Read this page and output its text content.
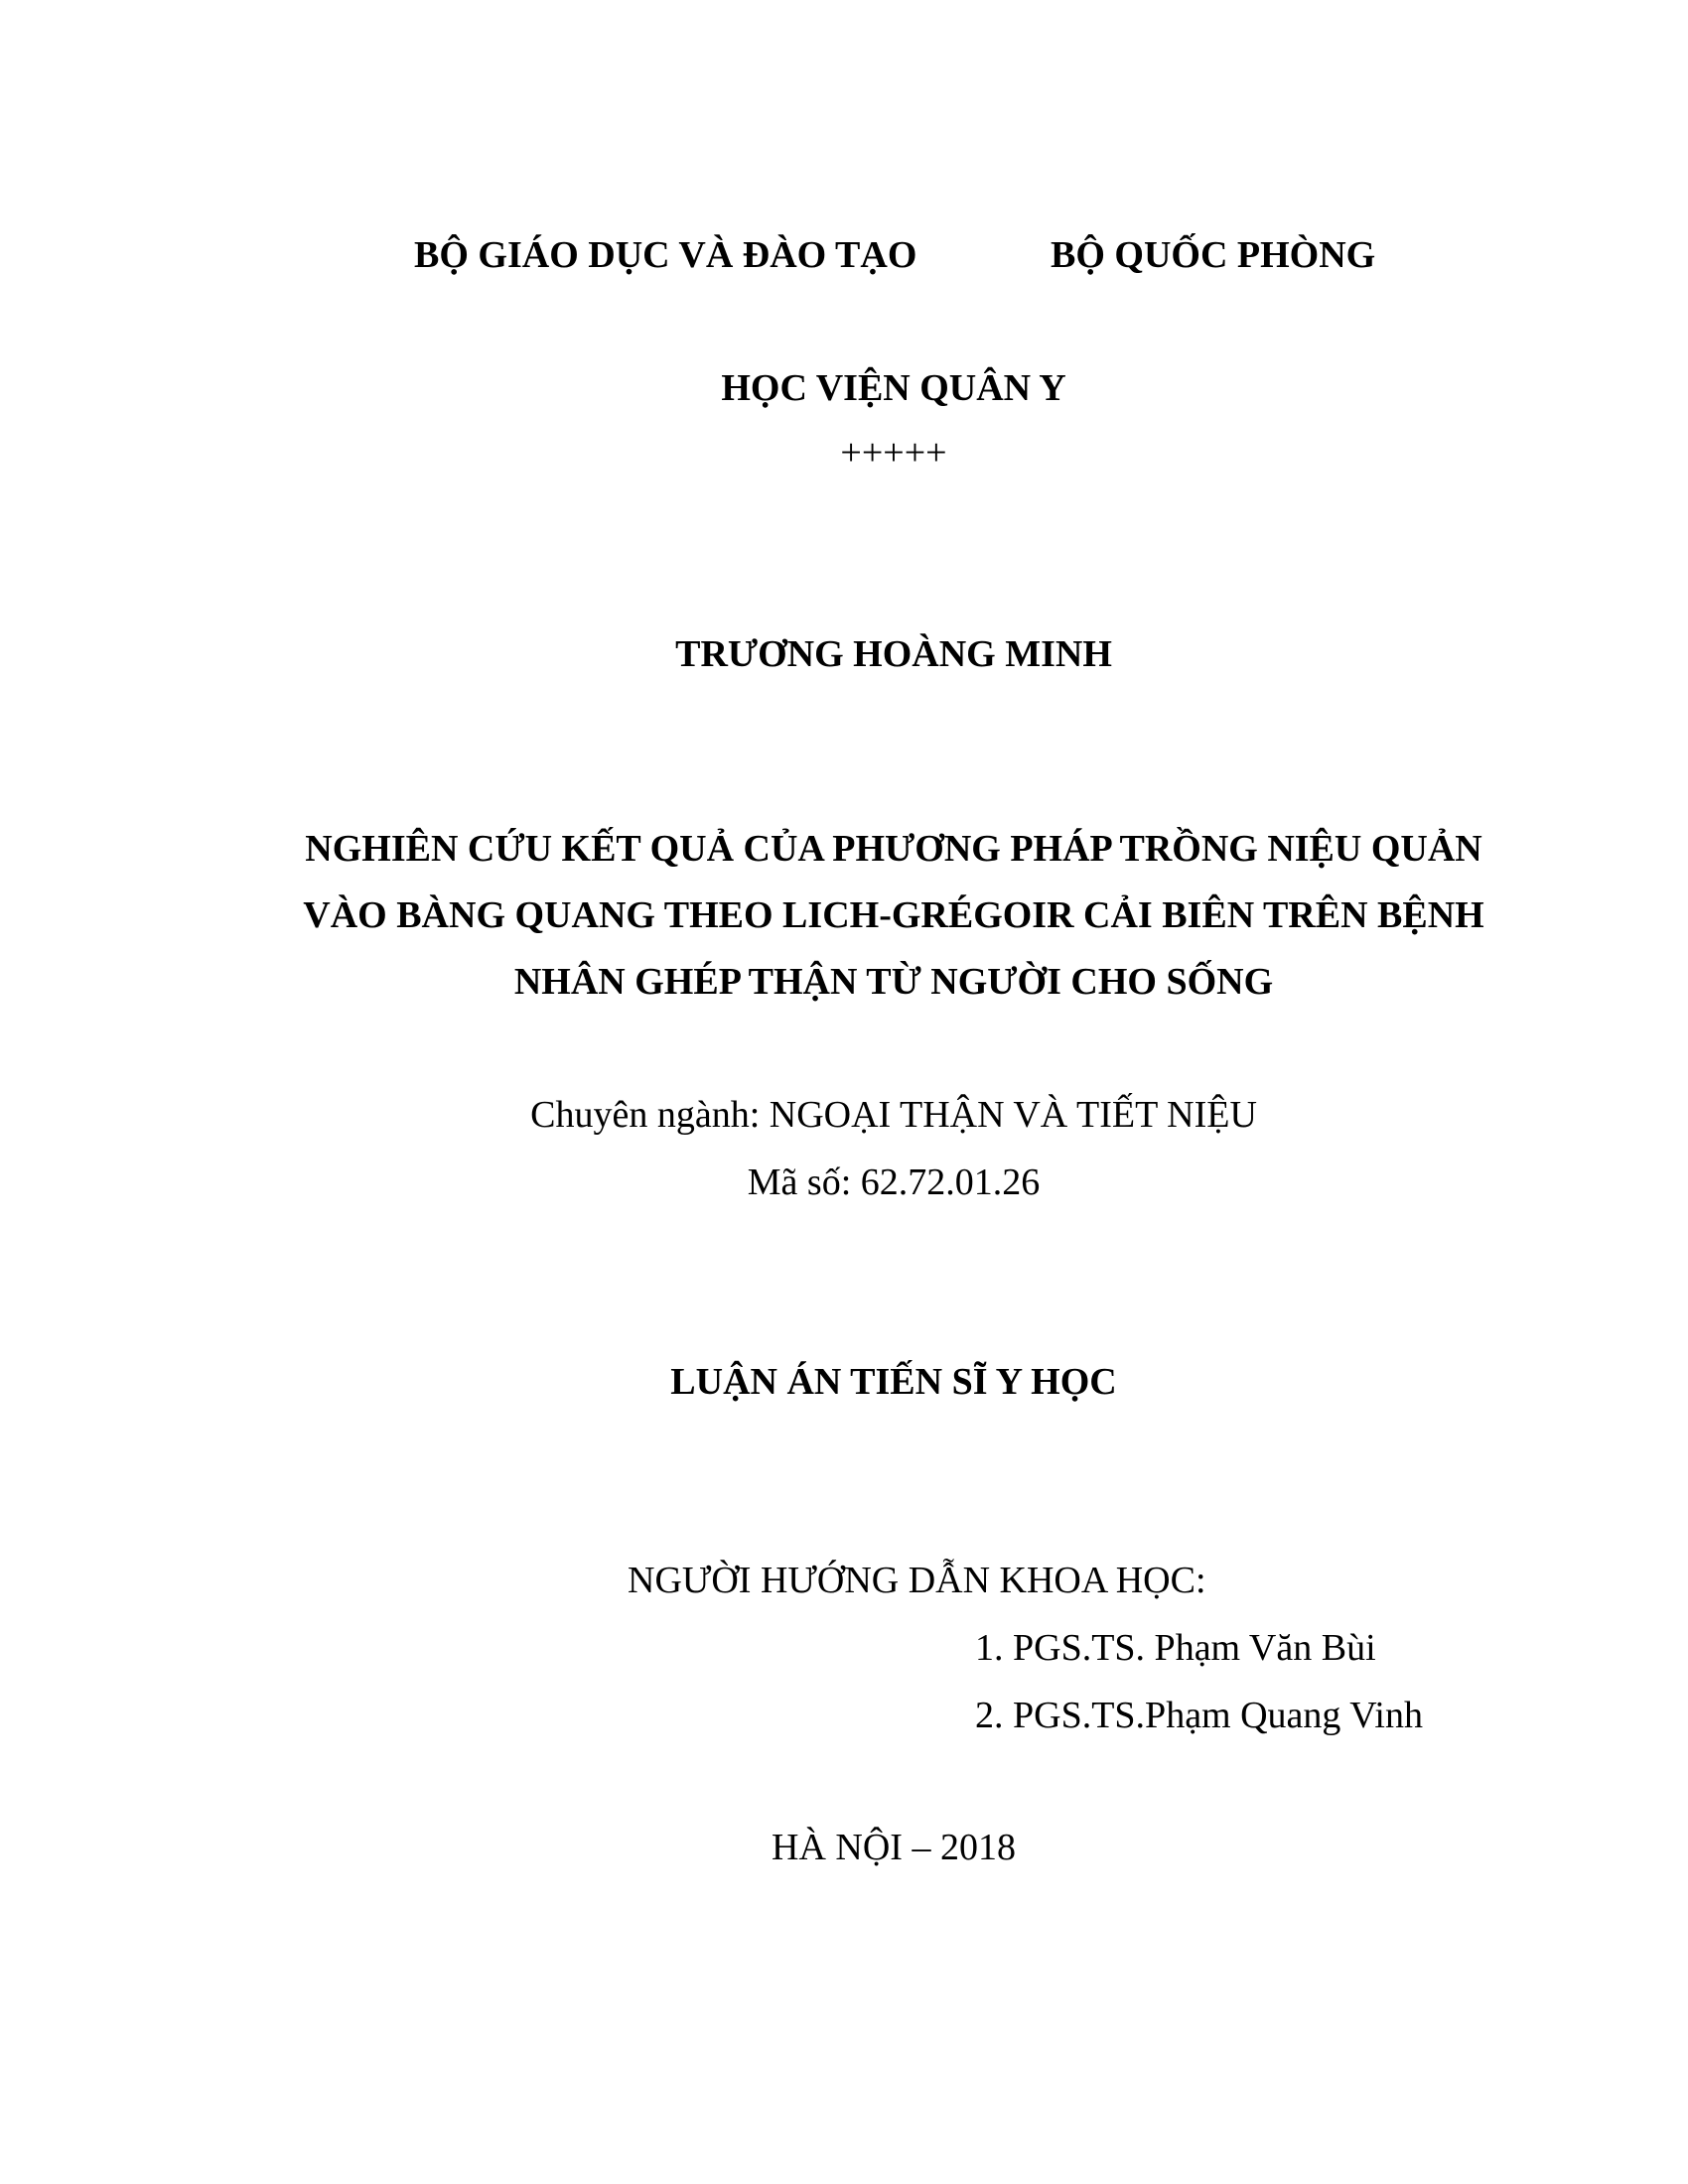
BỘ GIÁO DỤC VÀ ĐÀO TẠO	BỘ QUỐC PHÒNG
HỌC VIỆN QUÂN Y
+++++
TRƯƠNG HOÀNG MINH
NGHIÊN CỨU KẾT QUẢ CỦA PHƯƠNG PHÁP TRỒNG NIỆU QUẢN
VÀO BÀNG QUANG THEO LICH-GRÉGOIR CẢI BIÊN TRÊN BỆNH
NHÂN GHÉP THẬN TỪ NGƯỜI CHO SỐNG
Chuyên ngành: NGOẠI THẬN VÀ TIẾT NIỆU
Mã số: 62.72.01.26
LUẬN ÁN TIẾN SĨ Y HỌC
NGƯỜI HƯỚNG DẪN KHOA HỌC:
1. PGS.TS. Phạm Văn Bùi
2. PGS.TS.Phạm Quang Vinh
HÀ NỘI – 2018
